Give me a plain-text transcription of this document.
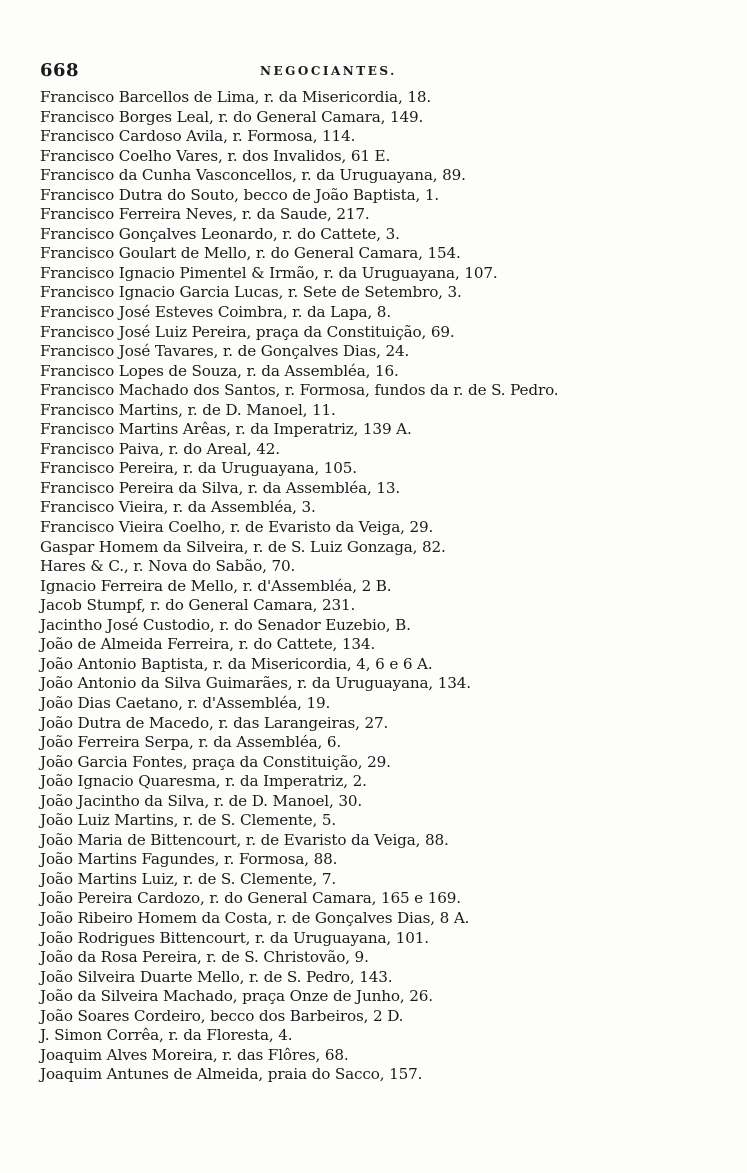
668	NEGOCIANTES.
Francisco Barcellos de Lima, r. da Misericordia, 18.
Francisco Borges Leal, r. do General Camara, 149.
Francisco Cardoso Avila, r. Formosa, 114.
Francisco Coelho Vares, r. dos Invalidos, 61 E.
Francisco da Cunha Vasconcellos, r. da Uruguayana, 89.
Francisco Dutra do Souto, becco de João Baptista, 1.
Francisco Ferreira Neves, r. da Saude, 217.
Francisco Gonçalves Leonardo, r. do Cattete, 3.
Francisco Goulart de Mello, r. do General Camara, 154.
Francisco Ignacio Pimentel & Irmão, r. da Uruguayana, 107.
Francisco Ignacio Garcia Lucas, r. Sete de Setembro, 3.
Francisco José Esteves Coimbra, r. da Lapa, 8.
Francisco José Luiz Pereira, praça da Constituição, 69.
Francisco José Tavares, r. de Gonçalves Dias, 24.
Francisco Lopes de Souza, r. da Assembléa, 16.
Francisco Machado dos Santos, r. Formosa, fundos da r. de S. Pedro.
Francisco Martins, r. de D. Manoel, 11.
Francisco Martins Arêas, r. da Imperatriz, 139 A.
Francisco Paiva, r. do Areal, 42.
Francisco Pereira, r. da Uruguayana, 105.
Francisco Pereira da Silva, r. da Assembléa, 13.
Francisco Vieira, r. da Assembléa, 3.
Francisco Vieira Coelho, r. de Evaristo da Veiga, 29.
Gaspar Homem da Silveira, r. de S. Luiz Gonzaga, 82.
Hares & C., r. Nova do Sabão, 70.
Ignacio Ferreira de Mello, r. d'Assembléa, 2 B.
Jacob Stumpf, r. do General Camara, 231.
Jacintho José Custodio, r. do Senador Euzebio, B.
João de Almeida Ferreira, r. do Cattete, 134.
João Antonio Baptista, r. da Misericordia, 4, 6 e 6 A.
João Antonio da Silva Guimarães, r. da Uruguayana, 134.
João Dias Caetano, r. d'Assembléa, 19.
João Dutra de Macedo, r. das Larangeiras, 27.
João Ferreira Serpa, r. da Assembléa, 6.
João Garcia Fontes, praça da Constituição, 29.
João Ignacio Quaresma, r. da Imperatriz, 2.
João Jacintho da Silva, r. de D. Manoel, 30.
João Luiz Martins, r. de S. Clemente, 5.
João Maria de Bittencourt, r. de Evaristo da Veiga, 88.
João Martins Fagundes, r. Formosa, 88.
João Martins Luiz, r. de S. Clemente, 7.
João Pereira Cardozo, r. do General Camara, 165 e 169.
João Ribeiro Homem da Costa, r. de Gonçalves Dias, 8 A.
João Rodrigues Bittencourt, r. da Uruguayana, 101.
João da Rosa Pereira, r. de S. Christovão, 9.
João Silveira Duarte Mello, r. de S. Pedro, 143.
João da Silveira Machado, praça Onze de Junho, 26.
João Soares Cordeiro, becco dos Barbeiros, 2 D.
J. Simon Corrêa, r. da Floresta, 4.
Joaquim Alves Moreira, r. das Flôres, 68.
Joaquim Antunes de Almeida, praia do Sacco, 157.
